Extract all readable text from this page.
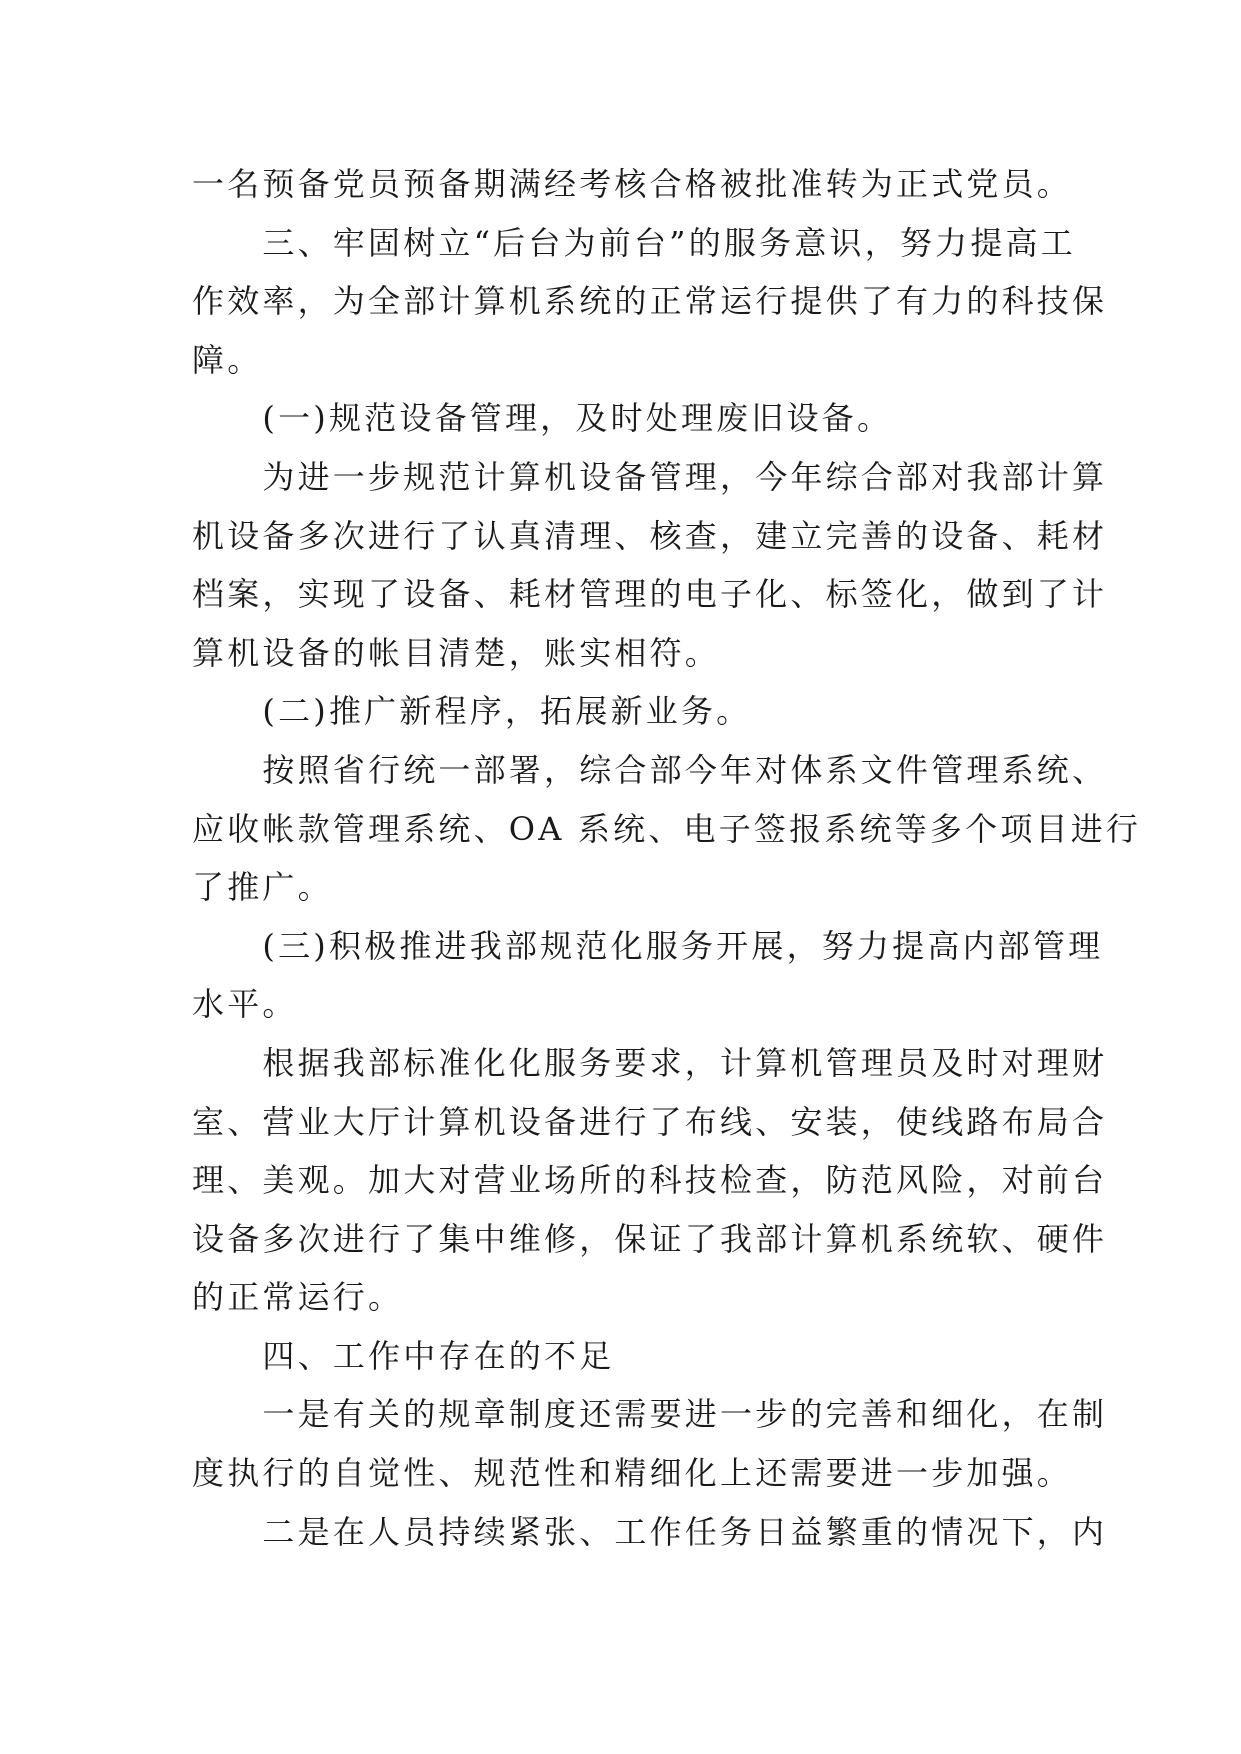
一名预备党员预备期满经考核合格被批准转为正式党员。

　　三、牢固树立“后台为前台”的服务意识，努力提高工

作效率，为全部计算机系统的正常运行提供了有力的科技保

障。

　　(一)规范设备管理，及时处理废旧设备。

　　为进一步规范计算机设备管理，今年综合部对我部计算

机设备多次进行了认真清理、核查，建立完善的设备、耗材

档案，实现了设备、耗材管理的电子化、标签化，做到了计

算机设备的帐目清楚，账实相符。

　　(二)推广新程序，拓展新业务。

　　按照省行统一部署，综合部今年对体系文件管理系统、

应收帐款管理系统、OA 系统、电子签报系统等多个项目进行

了推广。

　　(三)积极推进我部规范化服务开展，努力提高内部管理

水平。

　　根据我部标准化化服务要求，计算机管理员及时对理财

室、营业大厅计算机设备进行了布线、安装，使线路布局合

理、美观。加大对营业场所的科技检查，防范风险，对前台

设备多次进行了集中维修，保证了我部计算机系统软、硬件

的正常运行。

　　四、工作中存在的不足

　　一是有关的规章制度还需要进一步的完善和细化，在制

度执行的自觉性、规范性和精细化上还需要进一步加强。

　　二是在人员持续紧张、工作任务日益繁重的情况下，内
